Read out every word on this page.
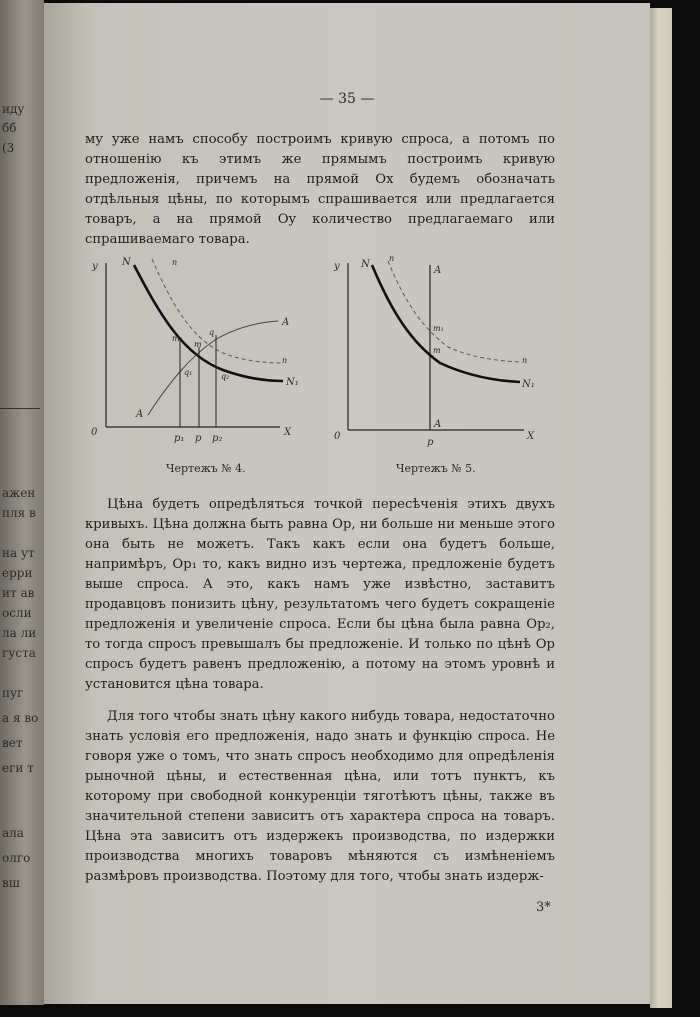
иду
бб
(3
ажен
пля в
на ут
ерри
ит ав
осли
ла ли
густа
пуг
а я во
вет
еги т
ала
олго
вш
— 35 —

му уже намъ способу построимъ кривую спроса, а потомъ по отношенію къ этимъ же прямымъ построимъ кривую предложенія, причемъ на прямой Ox будемъ обозначать отдѣльныя цѣны, по которымъ спрашивается или предлагается товаръ, а на прямой Oy количество предлагаемаго или спрашиваемаго товара.

y
0	X
N
N₁
n
n
A
A
m₁
m
q
q₁	q₂
p₁ p p₂
Чертежъ № 4.
y
0	X
N
N₁
n
n
A
A
p
m₁
m
Чертежъ № 5.

Цѣна будетъ опредѣляться точкой пересѣченія этихъ двухъ кривыхъ. Цѣна должна быть равна Op, ни больше ни меньше этого она быть не можетъ. Такъ какъ если она будетъ больше, напримѣръ, Op₁ то, какъ видно изъ чертежа, предложеніе будетъ выше спроса. А это, какъ намъ уже извѣстно, заставитъ продавцовъ понизить цѣну, результатомъ чего будетъ сокращеніе предложенія и увеличеніе спроса. Если бы цѣна была равна Op₂, то тогда спросъ превышалъ бы предложеніе. И только по цѣнѣ Op спросъ будетъ равенъ предложенію, а потому на этомъ уровнѣ и установится цѣна товара.

Для того чтобы знать цѣну какого нибудь товара, недостаточно знать условія его предложенія, надо знать и функцію спроса. Не говоря уже о томъ, что знать спросъ необходимо для опредѣленія рыночной цѣны, и естественная цѣна, или тотъ пунктъ, къ которому при свободной конкуренціи тяготѣютъ цѣны, также въ значительной степени зависитъ отъ характера спроса на товаръ. Цѣна эта зависитъ отъ издержекъ производства, по издержки производства многихъ товаровъ мѣняются съ измѣненіемъ размѣровъ производства. Поэтому для того, чтобы знать издерж-

3*
